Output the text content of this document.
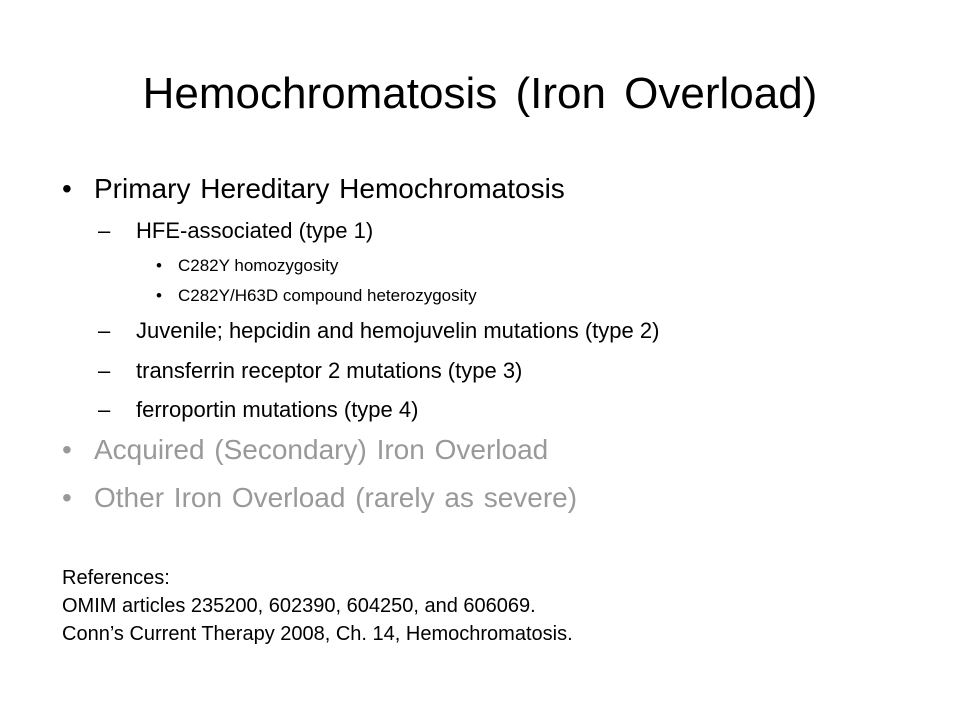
Hemochromatosis (Iron Overload)
• Primary Hereditary Hemochromatosis
– HFE-associated (type 1)
• C282Y homozygosity
• C282Y/H63D compound heterozygosity
– Juvenile; hepcidin and hemojuvelin mutations (type 2)
– transferrin receptor 2 mutations (type 3)
– ferroportin mutations (type 4)
• Acquired (Secondary) Iron Overload
• Other Iron Overload (rarely as severe)
References:
OMIM articles 235200, 602390, 604250, and 606069.
Conn’s Current Therapy 2008, Ch. 14, Hemochromatosis.
